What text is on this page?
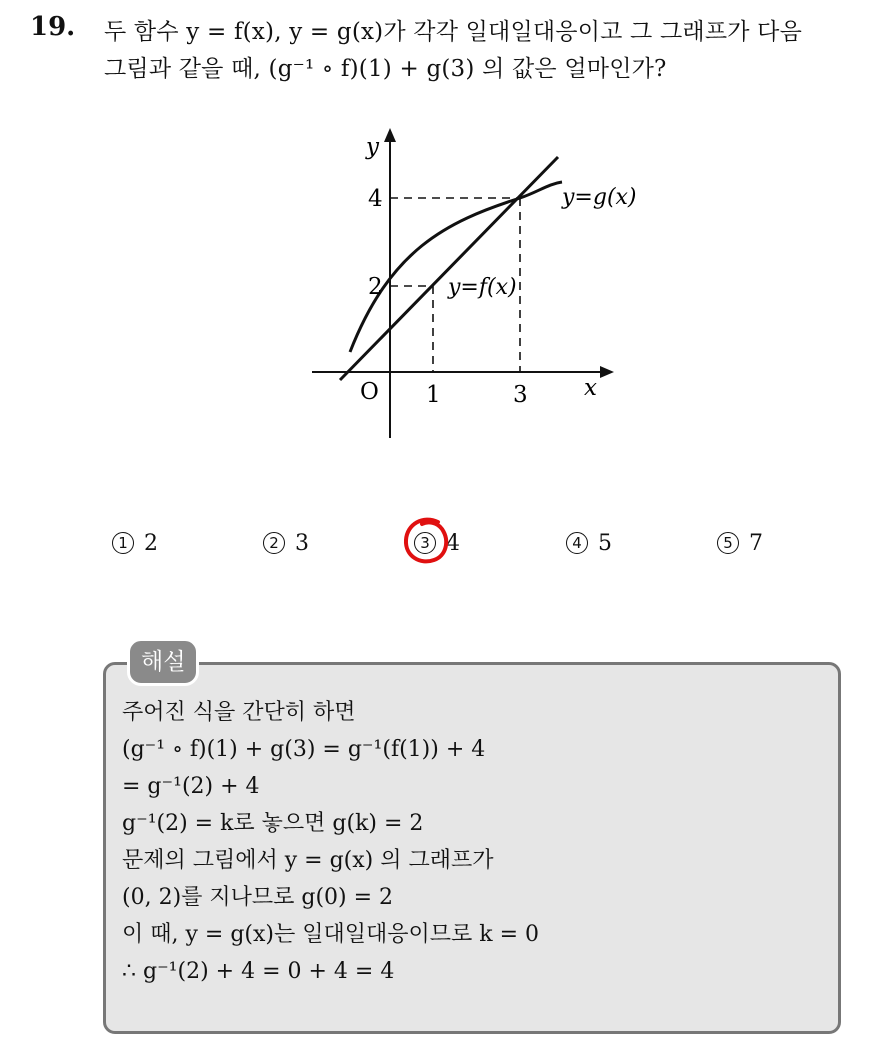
19. 두 함수 y = f(x), y = g(x)가 각각 일대일대응이고 그 그래프가 다음
그림과 같을 때, (g⁻¹ ∘ f)(1) + g(3) 의 값은 얼마인가?
y
x
O
4
2
1	3
y=g(x)
y=f(x)
1 2	2 3	3 4	4 5	5 7
해설
주어진 식을 간단히 하면
(g⁻¹ ∘ f)(1) + g(3) = g⁻¹(f(1)) + 4
= g⁻¹(2) + 4
g⁻¹(2) = k로 놓으면 g(k) = 2
문제의 그림에서 y = g(x) 의 그래프가
(0, 2)를 지나므로 g(0) = 2
이 때, y = g(x)는 일대일대응이므로 k = 0
∴ g⁻¹(2) + 4 = 0 + 4 = 4
